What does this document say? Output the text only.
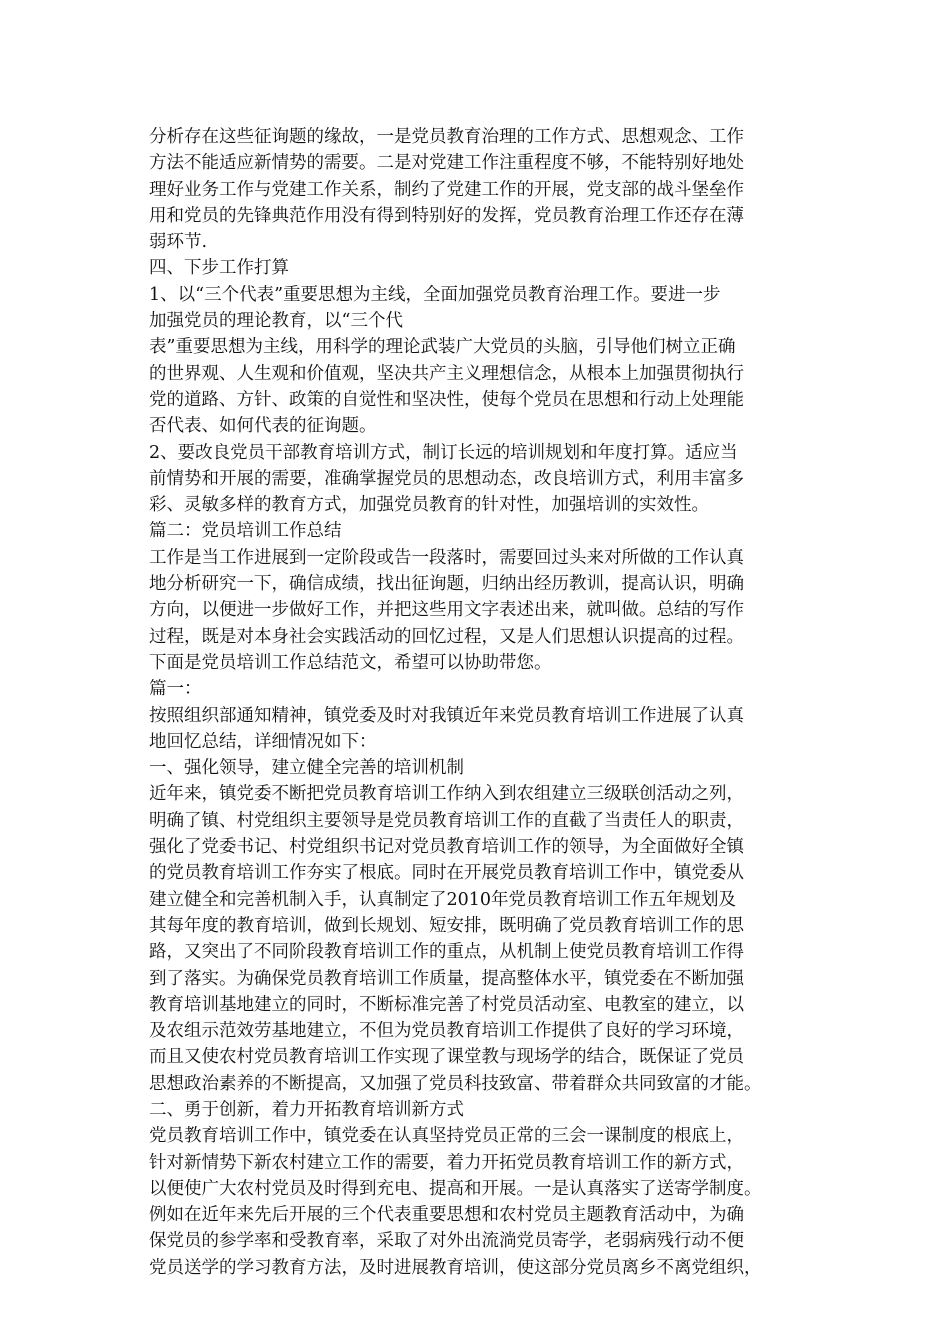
分析存在这些征询题的缘故，一是党员教育治理的工作方式、思想观念、工作

方法不能适应新情势的需要。二是对党建工作注重程度不够，不能特别好地处

理好业务工作与党建工作关系，制约了党建工作的开展，党支部的战斗堡垒作

用和党员的先锋典范作用没有得到特别好的发挥，党员教育治理工作还存在薄

弱环节.

四、下步工作打算

1、以“三个代表”重要思想为主线，全面加强党员教育治理工作。要进一步

加强党员的理论教育，以“三个代

表”重要思想为主线，用科学的理论武装广大党员的头脑，引导他们树立正确

的世界观、人生观和价值观，坚决共产主义理想信念，从根本上加强贯彻执行

党的道路、方针、政策的自觉性和坚决性，使每个党员在思想和行动上处理能

否代表、如何代表的征询题。

2、要改良党员干部教育培训方式，制订长远的培训规划和年度打算。适应当

前情势和开展的需要，准确掌握党员的思想动态，改良培训方式，利用丰富多

彩、灵敏多样的教育方式，加强党员教育的针对性，加强培训的实效性。

篇二：党员培训工作总结

工作是当工作进展到一定阶段或告一段落时，需要回过头来对所做的工作认真

地分析研究一下，确信成绩，找出征询题，归纳出经历教训，提高认识，明确

方向，以便进一步做好工作，并把这些用文字表述出来，就叫做。总结的写作

过程，既是对本身社会实践活动的回忆过程，又是人们思想认识提高的过程。

下面是党员培训工作总结范文，希望可以协助带您。

篇一：

按照组织部通知精神，镇党委及时对我镇近年来党员教育培训工作进展了认真

地回忆总结，详细情况如下：

一、强化领导，建立健全完善的培训机制

近年来，镇党委不断把党员教育培训工作纳入到农组建立三级联创活动之列，

明确了镇、村党组织主要领导是党员教育培训工作的直截了当责任人的职责，

强化了党委书记、村党组织书记对党员教育培训工作的领导，为全面做好全镇

的党员教育培训工作夯实了根底。同时在开展党员教育培训工作中，镇党委从

建立健全和完善机制入手，认真制定了2010年党员教育培训工作五年规划及

其每年度的教育培训，做到长规划、短安排，既明确了党员教育培训工作的思

路，又突出了不同阶段教育培训工作的重点，从机制上使党员教育培训工作得

到了落实。为确保党员教育培训工作质量，提高整体水平，镇党委在不断加强

教育培训基地建立的同时，不断标准完善了村党员活动室、电教室的建立，以

及农组示范效劳基地建立，不但为党员教育培训工作提供了良好的学习环境，

而且又使农村党员教育培训工作实现了课堂教与现场学的结合，既保证了党员

思想政治素养的不断提高，又加强了党员科技致富、带着群众共同致富的才能。

二、勇于创新，着力开拓教育培训新方式

党员教育培训工作中，镇党委在认真坚持党员正常的三会一课制度的根底上，

针对新情势下新农村建立工作的需要，着力开拓党员教育培训工作的新方式，

以便使广大农村党员及时得到充电、提高和开展。一是认真落实了送寄学制度。

例如在近年来先后开展的三个代表重要思想和农村党员主题教育活动中，为确

保党员的参学率和受教育率，采取了对外出流淌党员寄学，老弱病残行动不便

党员送学的学习教育方法，及时进展教育培训，使这部分党员离乡不离党组织，
